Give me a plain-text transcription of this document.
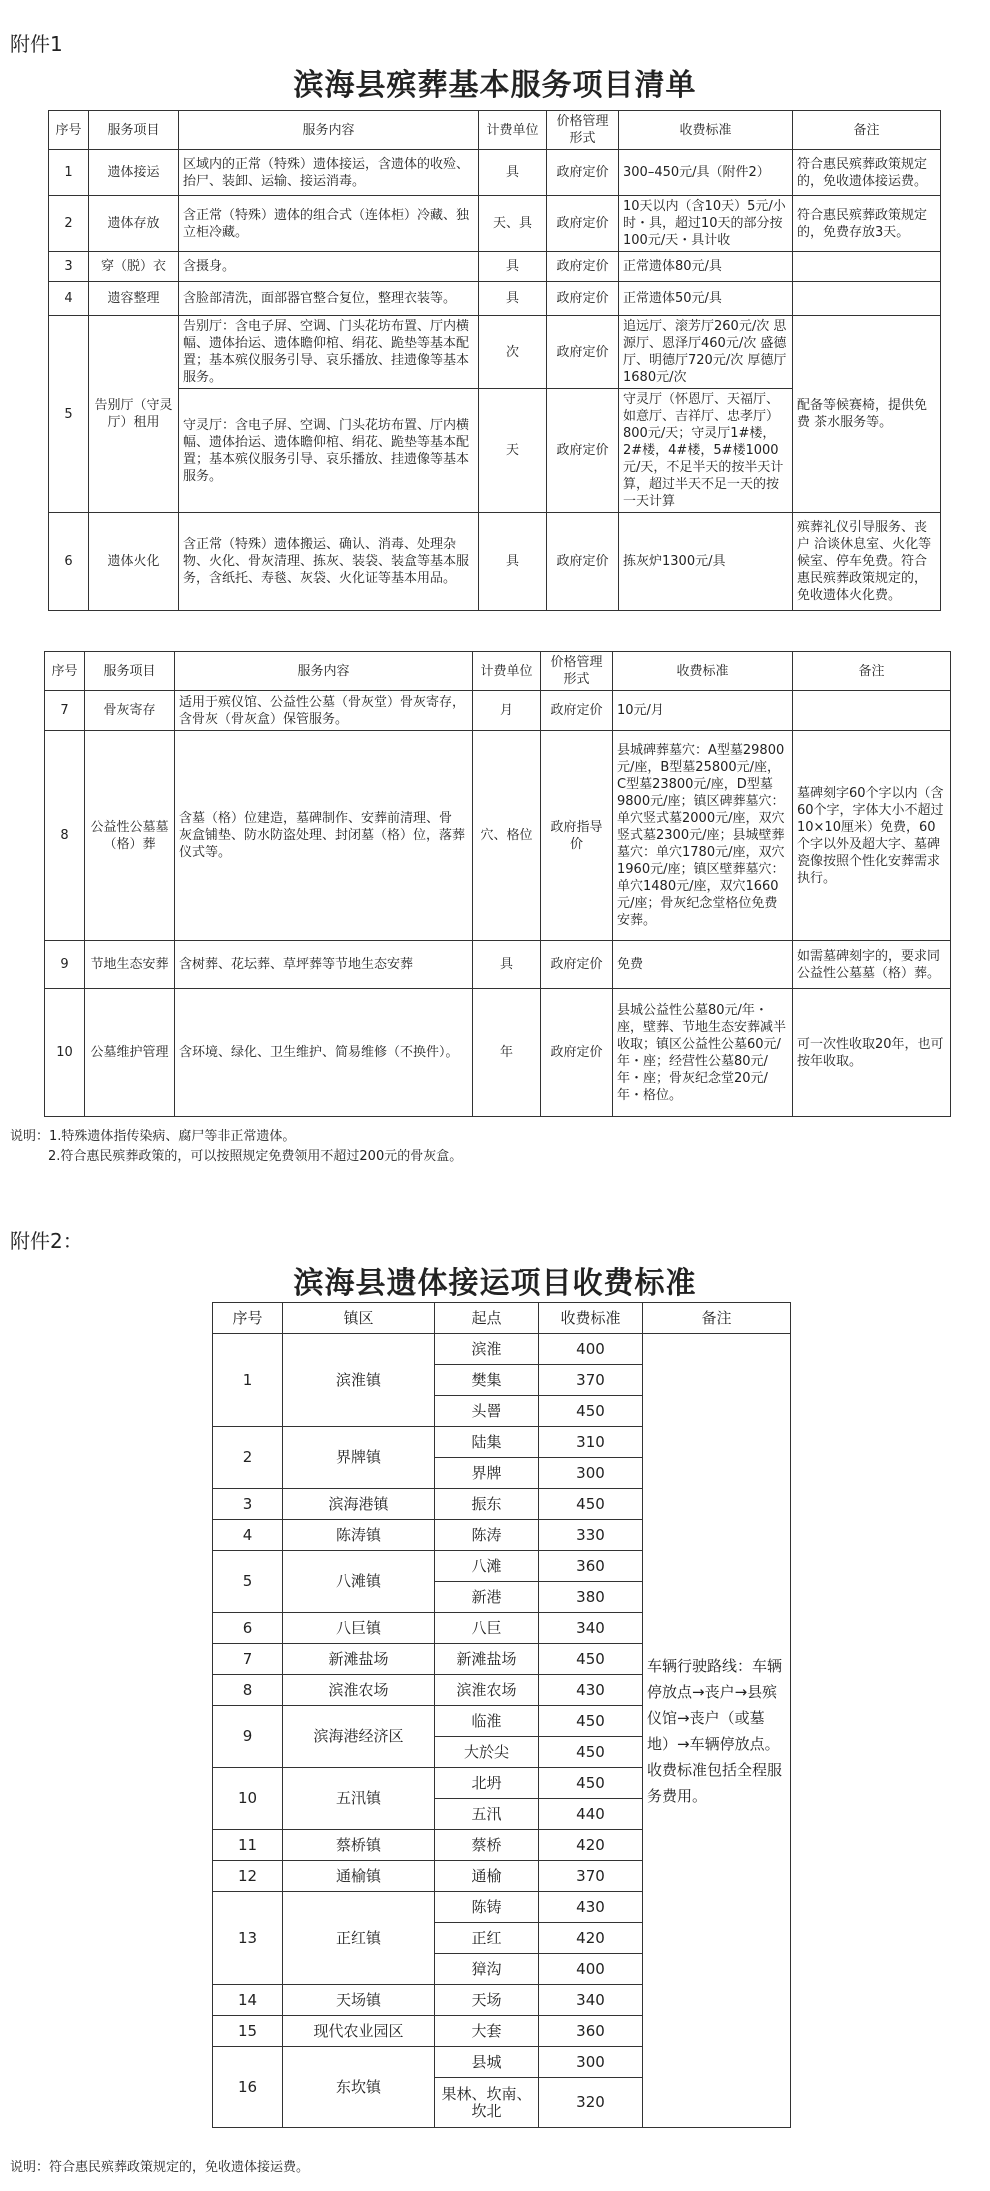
附件1
滨海县殡葬基本服务项目清单
序号	服务项目	服务内容	计费单位	价格管理形式	收费标准	备注
1	遗体接运	区域内的正常（特殊）遗体接运，含遗体的收殓、抬尸、装卸、运输、接运消毒。	具	政府定价	300–450元/具（附件2）	符合惠民殡葬政策规定的，免收遗体接运费。
2	遗体存放	含正常（特殊）遗体的组合式（连体柜）冷藏、独立柜冷藏。	天、具	政府定价	10天以内（含10天）5元/小时・具，超过10天的部分按100元/天・具计收	符合惠民殡葬政策规定的，免费存放3天。
3	穿（脱）衣	含摄身。	具	政府定价	正常遗体80元/具	
4	遗容整理	含脸部清洗，面部器官整合复位，整理衣装等。	具	政府定价	正常遗体50元/具	
5	告别厅（守灵厅）租用	告别厅：含电子屏、空调、门头花坊布置、厅内横幅、遗体抬运、遗体瞻仰棺、绢花、跪垫等基本配置；基本殡仪服务引导、哀乐播放、挂遗像等基本服务。	次	政府定价	追远厅、滚芳厅260元/次 思源厅、恩泽厅460元/次 盛德厅、明德厅720元/次 厚德厅1680元/次	配备等候赛椅，提供免费 茶水服务等。
		守灵厅：含电子屏、空调、门头花坊布置、厅内横幅、遗体抬运、遗体瞻仰棺、绢花、跪垫等基本配置；基本殡仪服务引导、哀乐播放、挂遗像等基本服务。	天	政府定价	守灵厅（怀恩厅、天福厅、如意厅、吉祥厅、忠孝厅）800元/天；守灵厅1#楼，2#楼，4#楼，5#楼1000元/天，不足半天的按半天计算，超过半天不足一天的按一天计算	
6	遗体火化	含正常（特殊）遗体搬运、确认、消毒、处理杂物、火化、骨灰清理、拣灰、装袋、装盒等基本服务，含纸托、寿毯、灰袋、火化证等基本用品。	具	政府定价	拣灰炉1300元/具	殡葬礼仪引导服务、丧户 洽谈休息室、火化等候室、停车免费。符合惠民殡葬政策规定的，免收遗体火化费。
序号	服务项目	服务内容	计费单位	价格管理形式	收费标准	备注
7	骨灰寄存	适用于殡仪馆、公益性公墓（骨灰堂）骨灰寄存，含骨灰（骨灰盒）保管服务。	月	政府定价	10元/月	
8	公益性公墓墓（格）葬	含墓（格）位建造，墓碑制作、安葬前清理、骨 灰盒铺垫、防水防盗处理、封闭墓（格）位，落葬仪式等。	穴、格位	政府指导价	县城碑葬墓穴：A型墓29800元/座，B型墓25800元/座，C型墓23800元/座，D型墓9800元/座；镇区碑葬墓穴：单穴竖式墓2000元/座，双穴竖式墓2300元/座；县城壁葬墓穴：单穴1780元/座，双穴1960元/座；镇区壁葬墓穴：单穴1480元/座，双穴1660元/座；骨灰纪念堂格位免费安葬。	墓碑刻字60个字以内（含 60个字，字体大小不超过 10×10厘米）免费，60个字以外及超大字、墓碑瓷像按照个性化安葬需求执行。
9	节地生态安葬	含树葬、花坛葬、草坪葬等节地生态安葬	具	政府定价	免费	如需墓碑刻字的，要求同公益性公墓墓（格）葬。
10	公墓维护管理	含环境、绿化、卫生维护、简易维修（不换件）。	年	政府定价	县城公益性公墓80元/年・座，壁葬、节地生态安葬减半收取；镇区公益性公墓60元/年・座；经营性公墓80元/年・座；骨灰纪念堂20元/年・格位。	可一次性收取20年，也可按年收取。
说明：1.特殊遗体指传染病、腐尸等非正常遗体。
2.符合惠民殡葬政策的，可以按照规定免费领用不超过200元的骨灰盒。
附件2：
滨海县遗体接运项目收费标准
序号	镇区	起点	收费标准	备注
1	滨淮镇	滨淮	400	车辆行驶路线：车辆停放点→丧户→县殡仪馆→丧户（或墓地）→车辆停放点。收费标准包括全程服务费用。
		樊集	370	
		头罾	450	
2	界牌镇	陆集	310	
		界牌	300	
3	滨海港镇	振东	450	
4	陈涛镇	陈涛	330	
5	八滩镇	八滩	360	
		新港	380	
6	八巨镇	八巨	340	
7	新滩盐场	新滩盐场	450	
8	滨淮农场	滨淮农场	430	
9	滨海港经济区	临淮	450	
		大於尖	450	
10	五汛镇	北坍	450	
		五汛	440	
11	蔡桥镇	蔡桥	420	
12	通榆镇	通榆	370	
13	正红镇	陈铸	430	
		正红	420	
		獐沟	400	
14	天场镇	天场	340	
15	现代农业园区	大套	360	
16	东坎镇	县城	300	
		果林、坎南、坎北	320	
说明：符合惠民殡葬政策规定的，免收遗体接运费。
